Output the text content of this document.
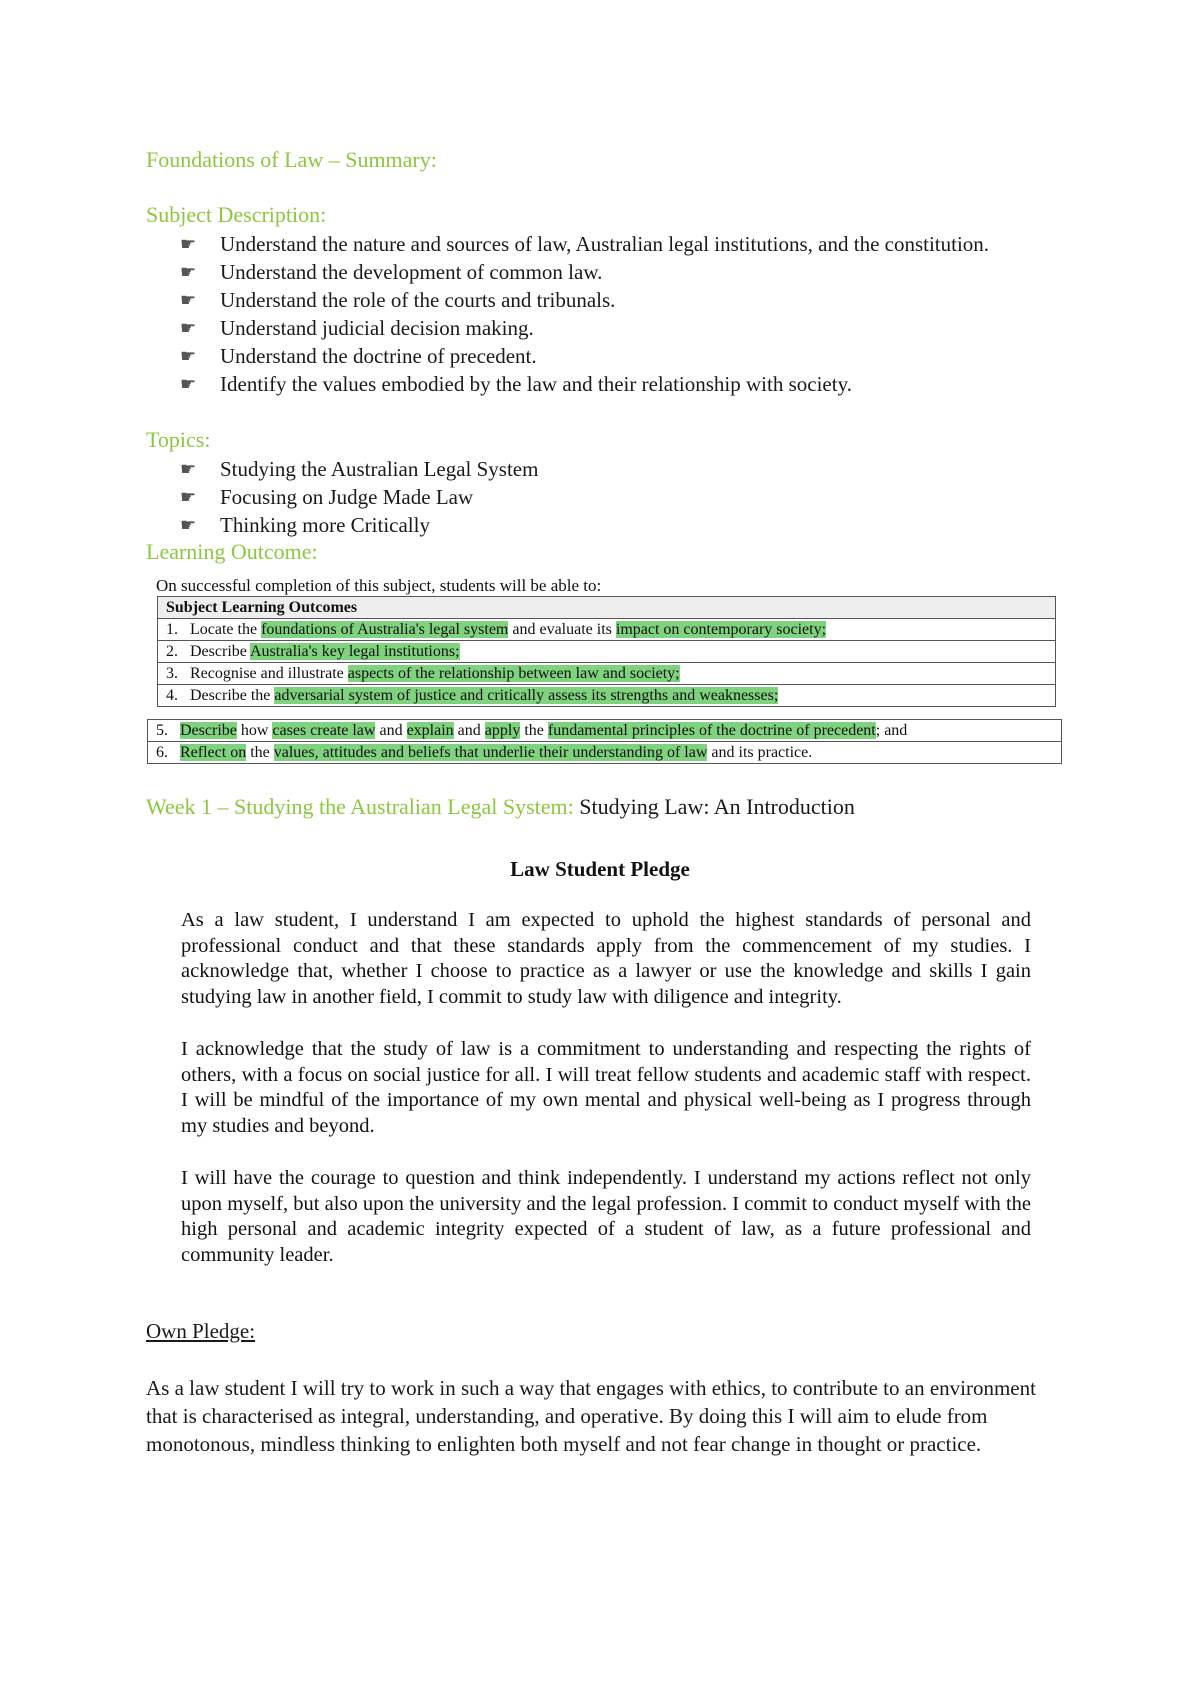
Foundations of Law – Summary:
Subject Description:
☛ Understand the nature and sources of law, Australian legal institutions, and the constitution.
☛ Understand the development of common law.
☛ Understand the role of the courts and tribunals.
☛ Understand judicial decision making.
☛ Understand the doctrine of precedent.
☛ Identify the values embodied by the law and their relationship with society.
Topics:
☛ Studying the Australian Legal System
☛ Focusing on Judge Made Law
☛ Thinking more Critically
Learning Outcome:
On successful completion of this subject, students will be able to:
Subject Learning Outcomes
1. Locate the foundations of Australia's legal system and evaluate its impact on contemporary society;
2. Describe Australia's key legal institutions;
3. Recognise and illustrate aspects of the relationship between law and society;
4. Describe the adversarial system of justice and critically assess its strengths and weaknesses;
5. Describe how cases create law and explain and apply the fundamental principles of the doctrine of precedent; and
6. Reflect on the values, attitudes and beliefs that underlie their understanding of law and its practice.
Week 1 – Studying the Australian Legal System: Studying Law: An Introduction
Law Student Pledge

As a law student, I understand I am expected to uphold the highest standards of personal and professional conduct and that these standards apply from the commencement of my studies. I acknowledge that, whether I choose to practice as a lawyer or use the knowledge and skills I gain studying law in another field, I commit to study law with diligence and integrity.

I acknowledge that the study of law is a commitment to understanding and respecting the rights of others, with a focus on social justice for all. I will treat fellow students and academic staff with respect. I will be mindful of the importance of my own mental and physical well-being as I progress through my studies and beyond.

I will have the courage to question and think independently. I understand my actions reflect not only upon myself, but also upon the university and the legal profession. I commit to conduct myself with the high personal and academic integrity expected of a student of law, as a future professional and community leader.

Own Pledge:

As a law student I will try to work in such a way that engages with ethics, to contribute to an environment that is characterised as integral, understanding, and operative. By doing this I will aim to elude from monotonous, mindless thinking to enlighten both myself and not fear change in thought or practice.
